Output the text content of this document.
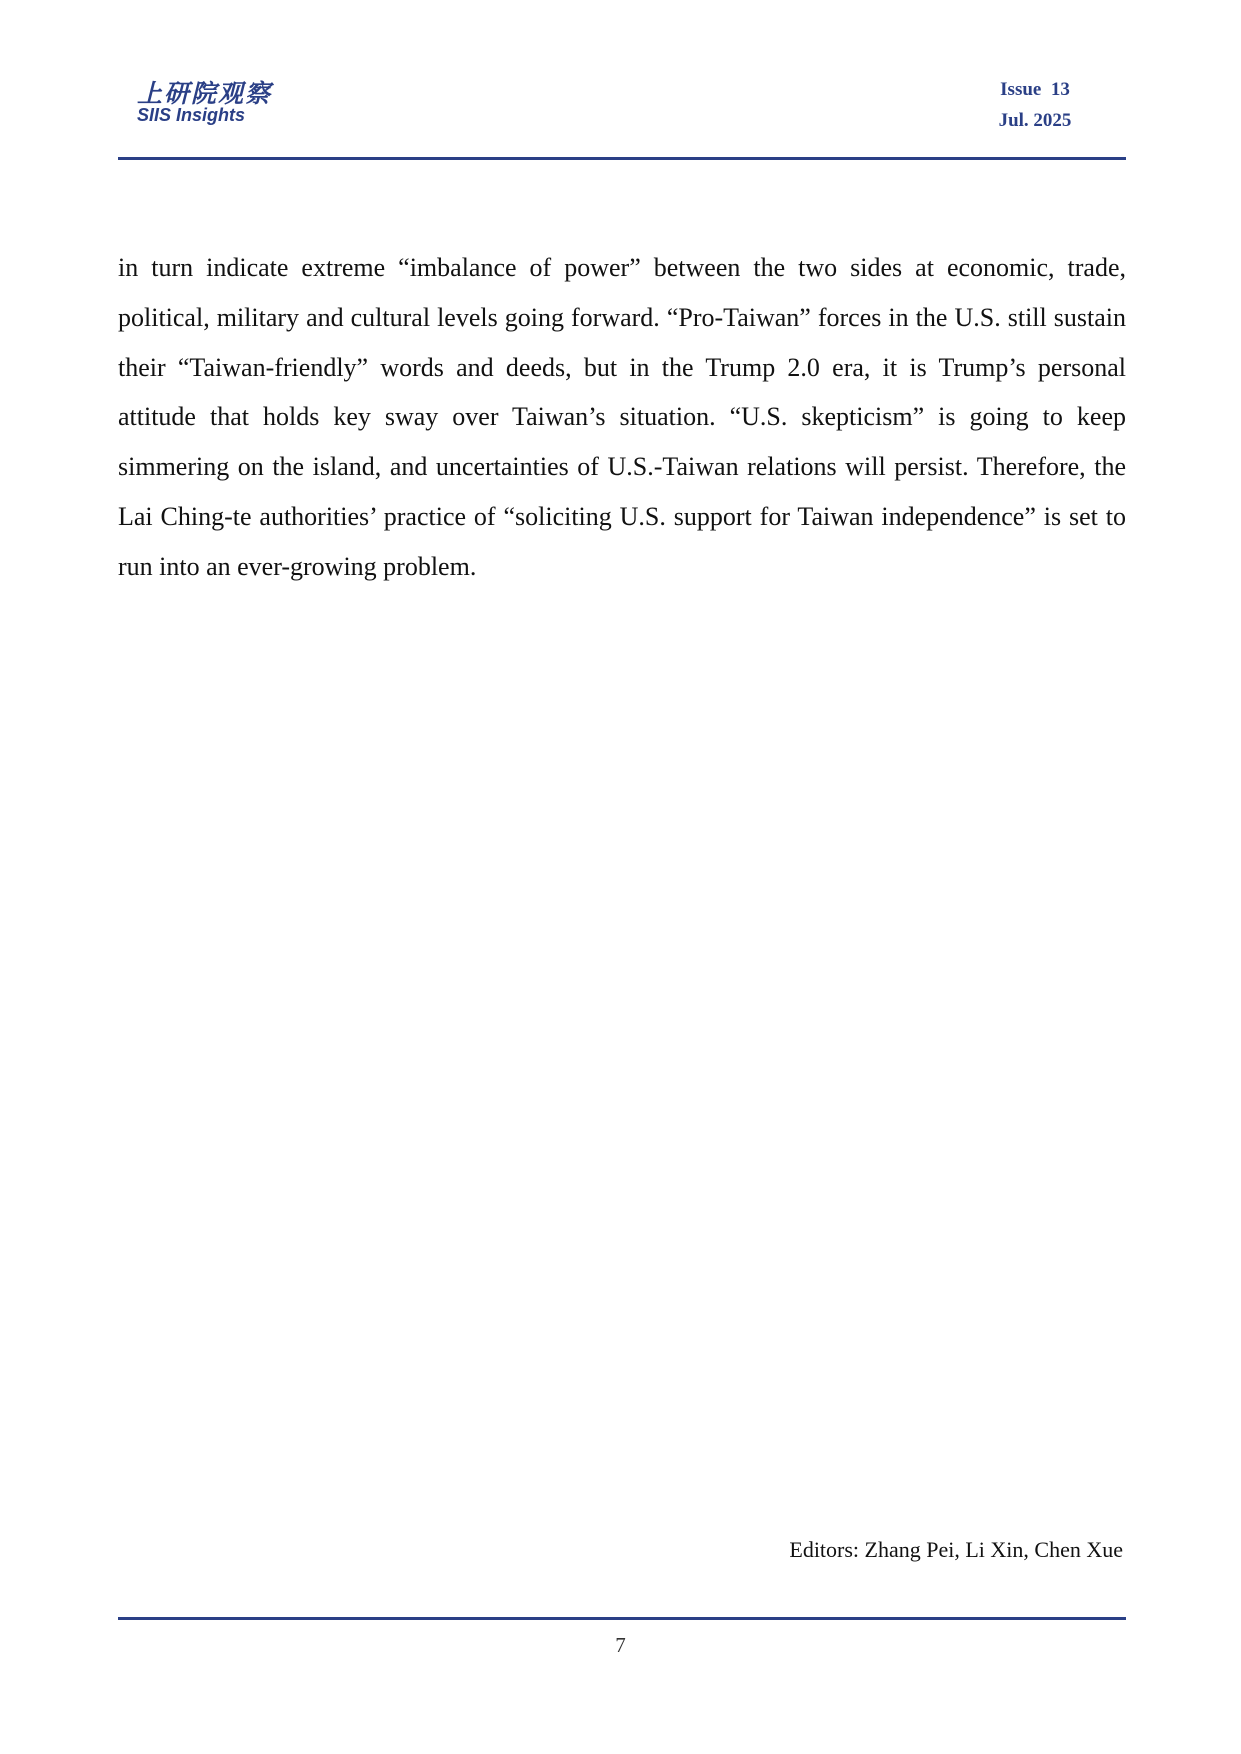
上研院观察
SIIS Insights
Issue  13
Jul. 2025

in turn indicate extreme “imbalance of power” between the two sides at economic, trade, political, military and cultural levels going forward. “Pro-Taiwan” forces in the U.S. still sustain their “Taiwan-friendly” words and deeds, but in the Trump 2.0 era, it is Trump’s personal attitude that holds key sway over Taiwan’s situation. “U.S. skepticism” is going to keep simmering on the island, and uncertainties of U.S.-Taiwan relations will persist. Therefore, the Lai Ching-te authorities’ practice of “soliciting U.S. support for Taiwan independence” is set to run into an ever-growing problem.

Editors: Zhang Pei, Li Xin, Chen Xue
7
